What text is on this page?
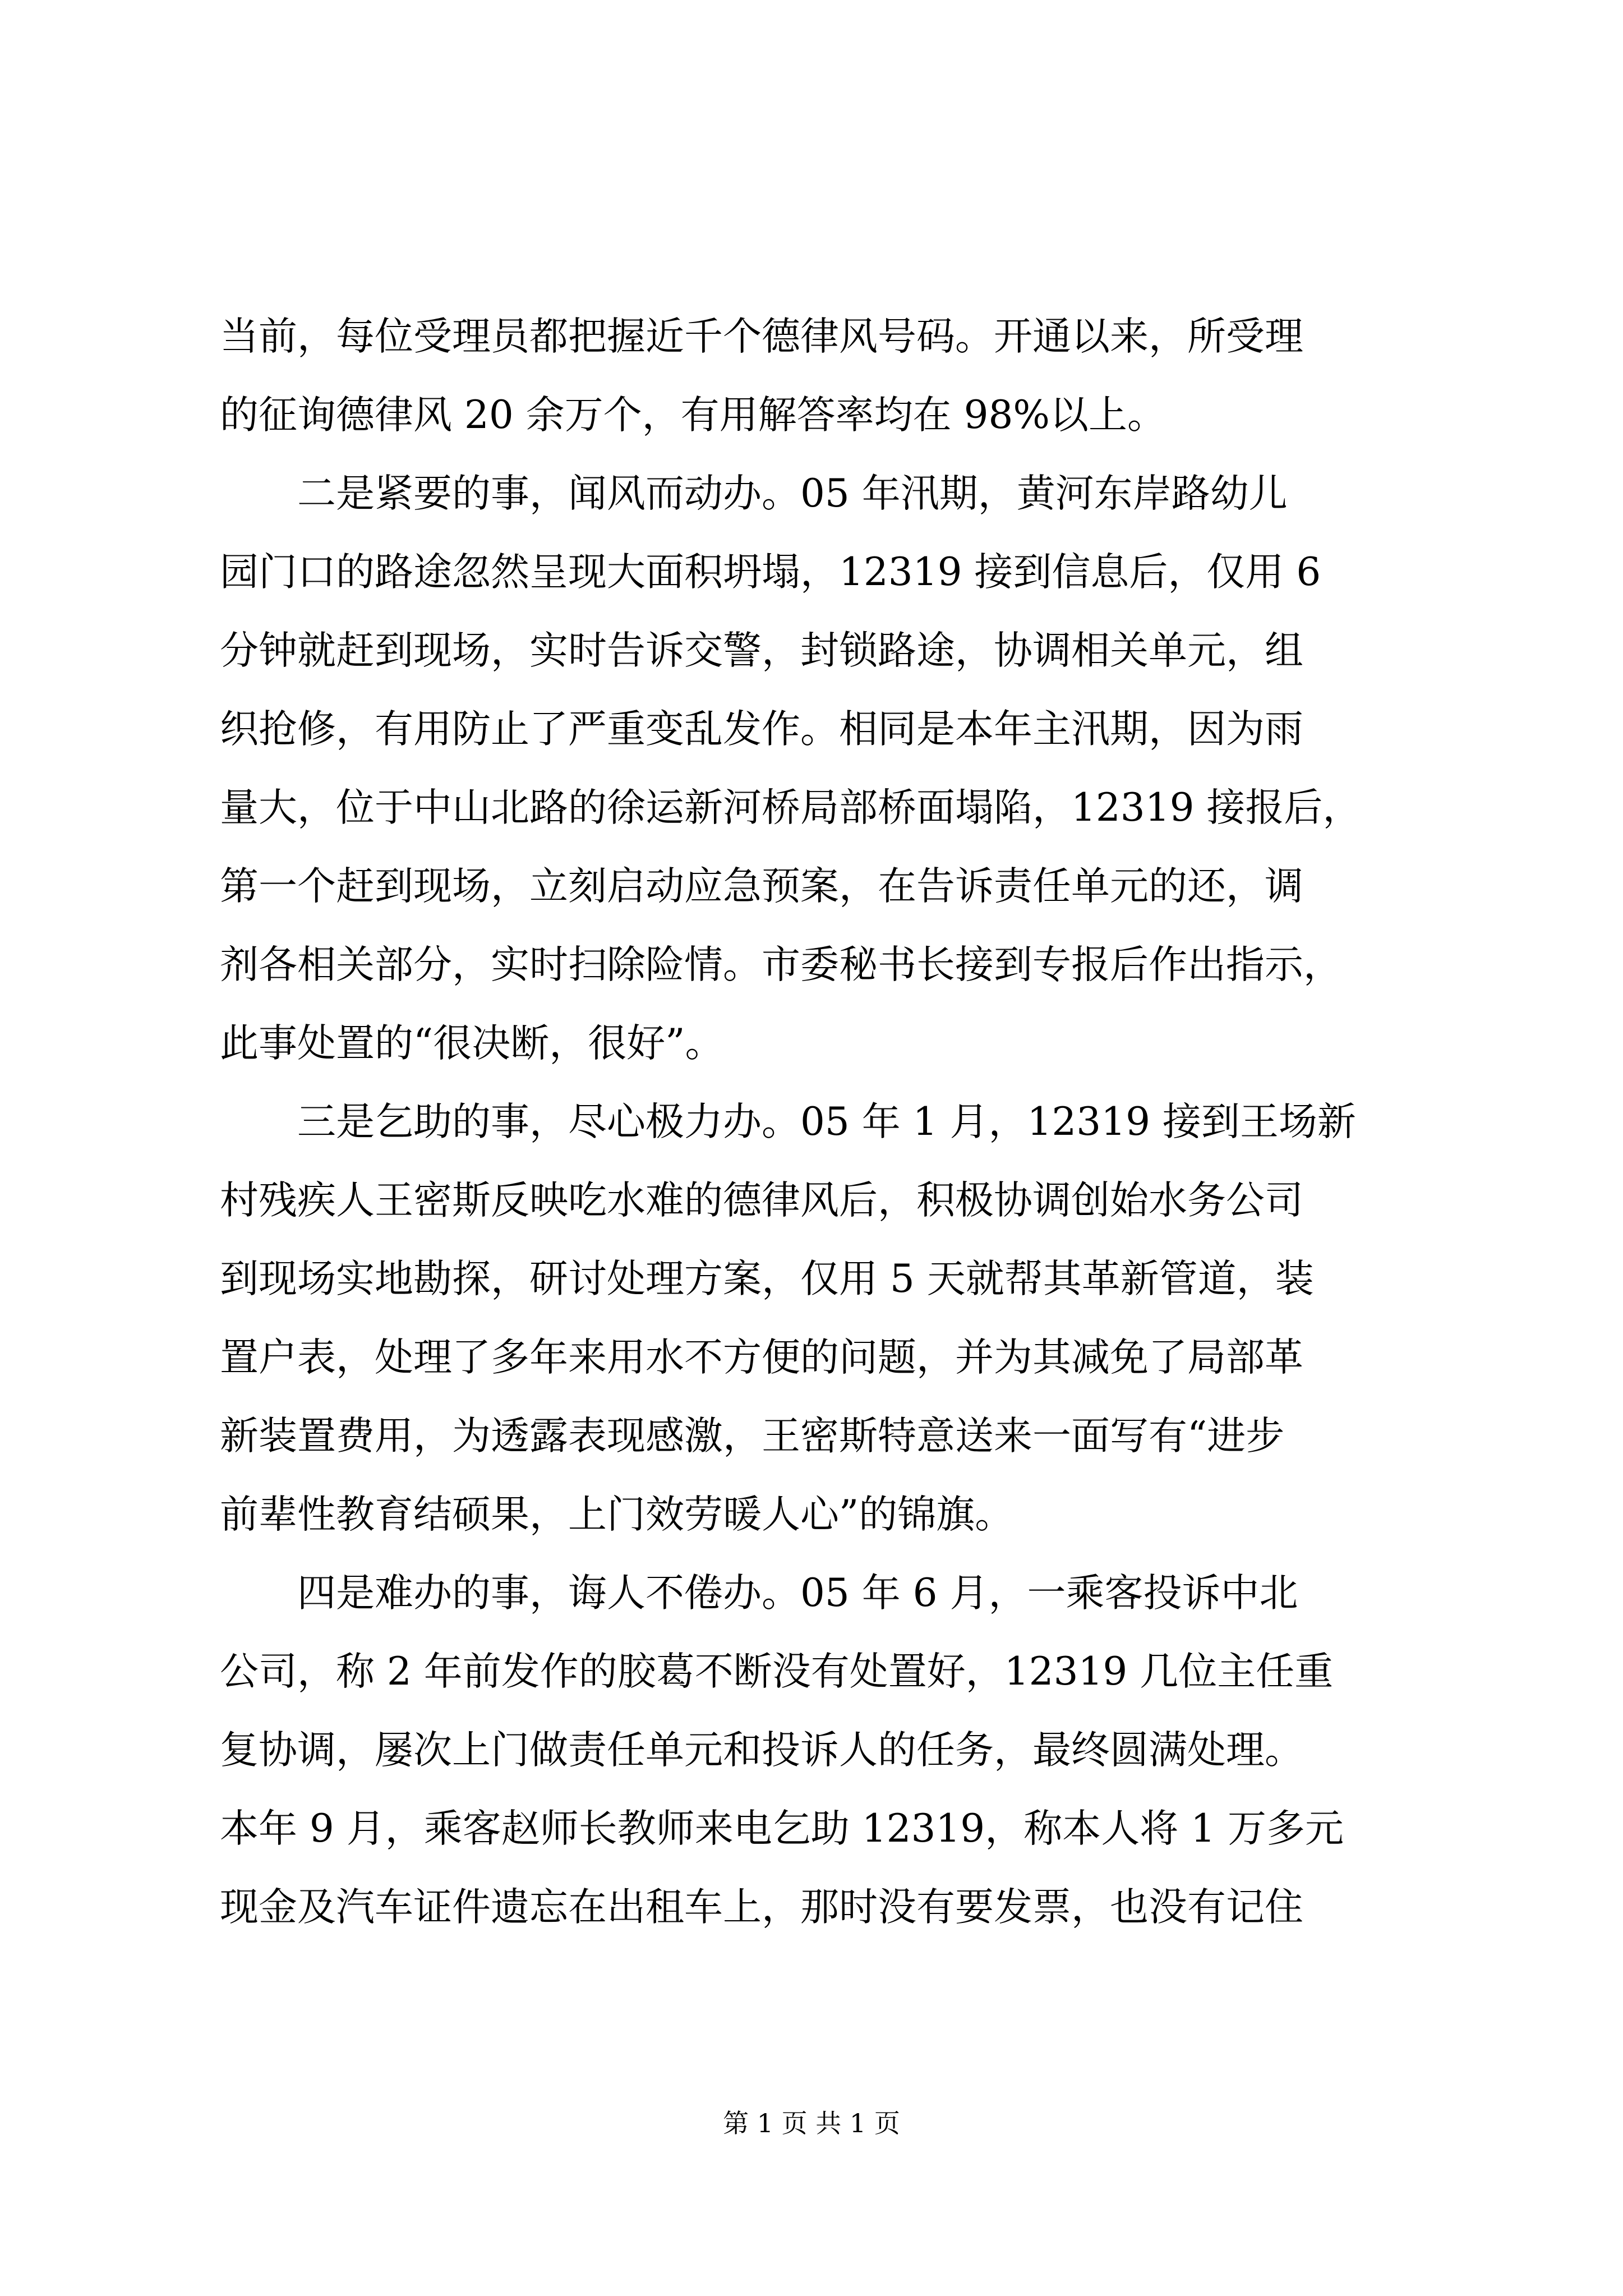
当前，每位受理员都把握近千个德律风号码。开通以来，所受理
的征询德律风 20 余万个，有用解答率均在 98%以上。
　　二是紧要的事，闻风而动办。05 年汛期，黄河东岸路幼儿
园门口的路途忽然呈现大面积坍塌，12319 接到信息后，仅用 6
分钟就赶到现场，实时告诉交警，封锁路途，协调相关单元，组
织抢修，有用防止了严重变乱发作。相同是本年主汛期，因为雨
量大，位于中山北路的徐运新河桥局部桥面塌陷，12319 接报后，
第一个赶到现场，立刻启动应急预案，在告诉责任单元的还，调
剂各相关部分，实时扫除险情。市委秘书长接到专报后作出指示，
此事处置的“很决断，很好”。
　　三是乞助的事，尽心极力办。05 年 1 月，12319 接到王场新
村残疾人王密斯反映吃水难的德律风后，积极协调创始水务公司
到现场实地勘探，研讨处理方案，仅用 5 天就帮其革新管道，装
置户表，处理了多年来用水不方便的问题，并为其减免了局部革
新装置费用，为透露表现感激，王密斯特意送来一面写有“进步
前辈性教育结硕果，上门效劳暖人心”的锦旗。
　　四是难办的事，诲人不倦办。05 年 6 月，一乘客投诉中北
公司，称 2 年前发作的胶葛不断没有处置好，12319 几位主任重
复协调，屡次上门做责任单元和投诉人的任务，最终圆满处理。
本年 9 月，乘客赵师长教师来电乞助 12319，称本人将 1 万多元
现金及汽车证件遗忘在出租车上，那时没有要发票，也没有记住
第 1 页 共 1 页
